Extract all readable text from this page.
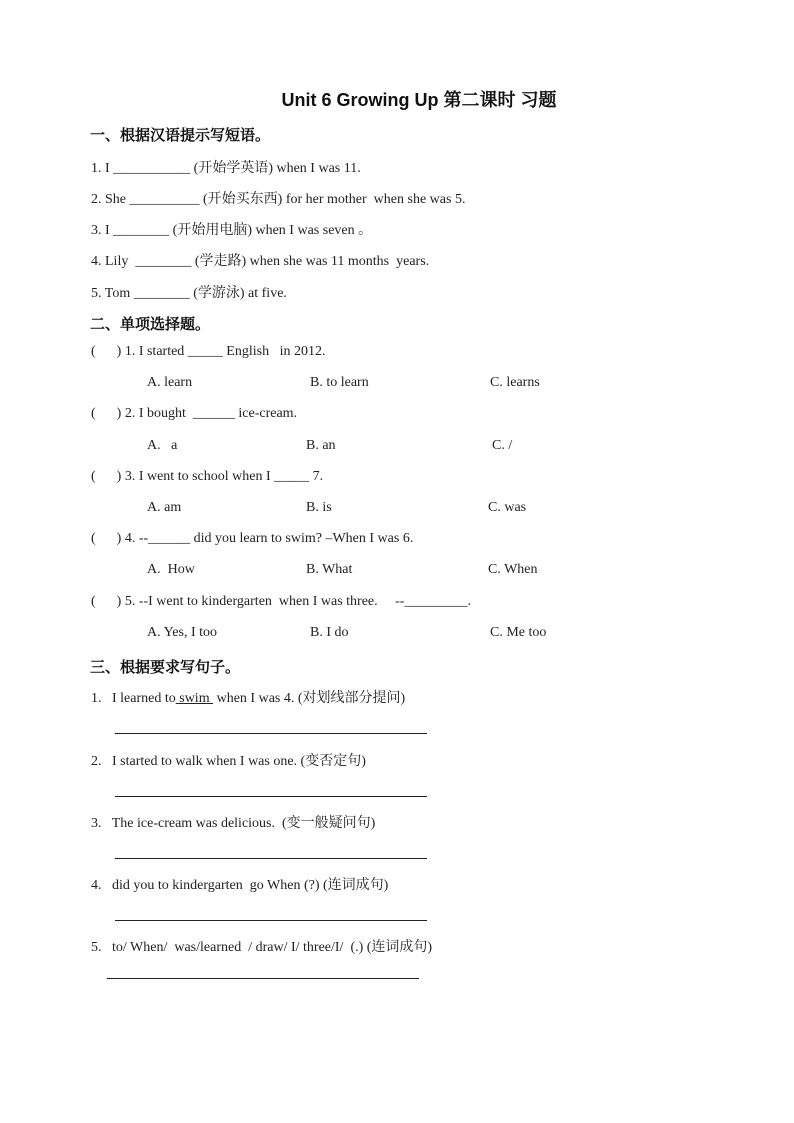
Unit 6 Growing Up 第二课时 习题
一、根据汉语提示写短语。
1. I ___________ (开始学英语) when I was 11.
2. She __________ (开始买东西) for her mother  when she was 5.
3. I ________ (开始用电脑) when I was seven 。
4. Lily  ________ (学走路) when she was 11 months  years.
5. Tom ________ (学游泳) at five.
二、单项选择题。
(      ) 1. I started _____ English   in 2012.
A. learn	B. to learn	C. learns
(      ) 2. I bought  ______ ice-cream.
A.   a	B. an	C. /
(      ) 3. I went to school when I _____ 7.
A. am	B. is	C. was
(      ) 4. --______ did you learn to swim? –When I was 6.
A.  How	B. What	C. When
(      ) 5. --I went to kindergarten  when I was three.     --_________.
A. Yes, I too	B. I do	C. Me too
三、根据要求写句子。
1. I learned to swim  when I was 4. (对划线部分提问)
2.   I started to walk when I was one. (变否定句)
3.   The ice-cream was delicious.  (变一般疑问句)
4.   did you to kindergarten  go When (?) (连词成句)
5.   to/ When/  was/learned  / draw/ I/ three/I/  (.) (连词成句)
